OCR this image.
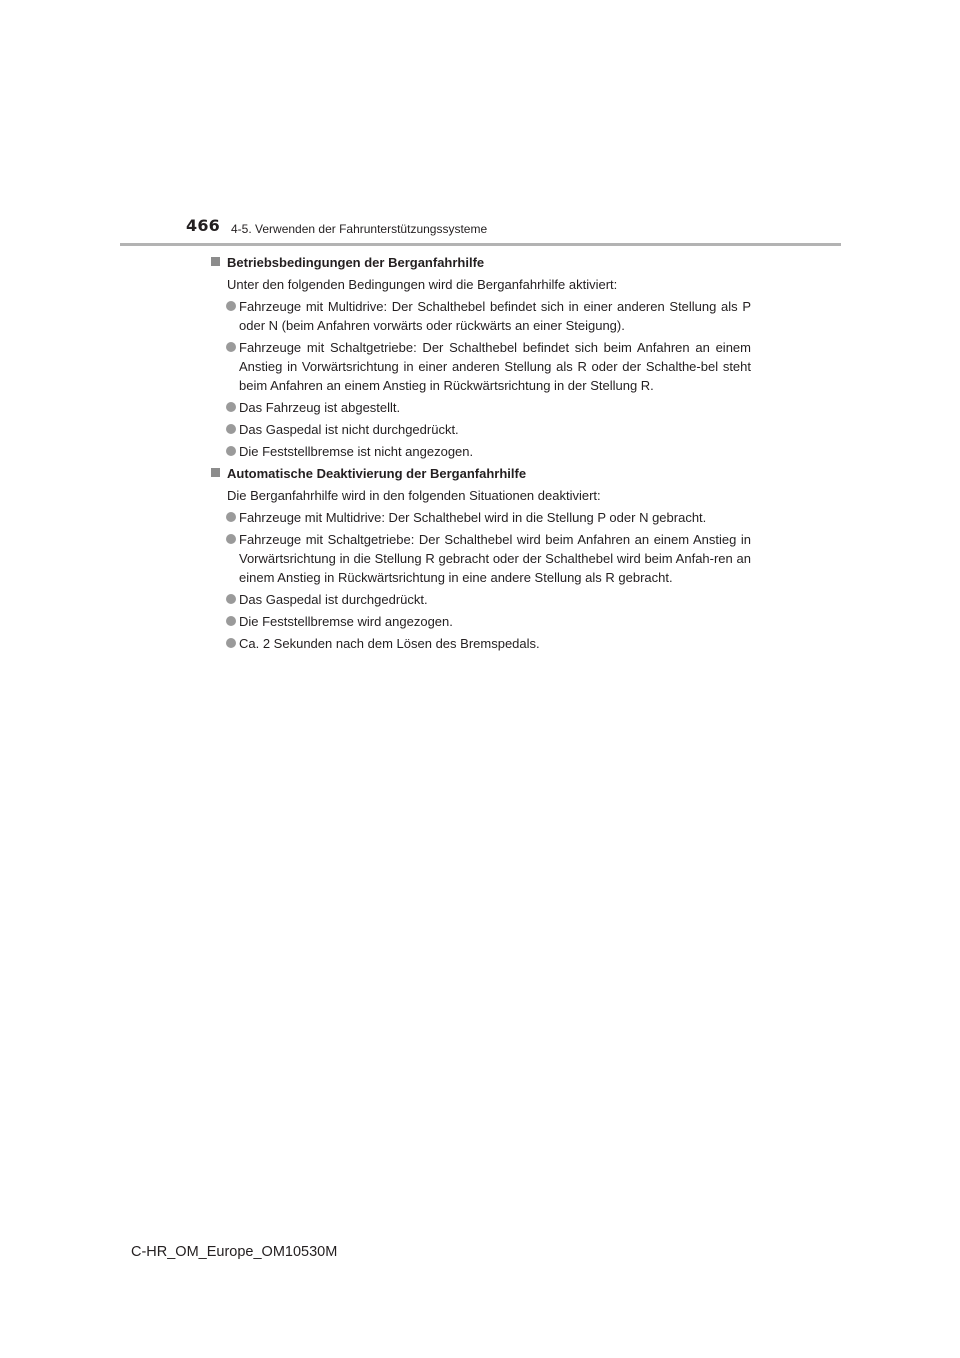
466 4-5. Verwenden der Fahrunterstützungssysteme
Betriebsbedingungen der Berganfahrhilfe
Unter den folgenden Bedingungen wird die Berganfahrhilfe aktiviert:
Fahrzeuge mit Multidrive: Der Schalthebel befindet sich in einer anderen Stellung als P oder N (beim Anfahren vorwärts oder rückwärts an einer Steigung).
Fahrzeuge mit Schaltgetriebe: Der Schalthebel befindet sich beim Anfahren an einem Anstieg in Vorwärtsrichtung in einer anderen Stellung als R oder der Schalthe-bel steht beim Anfahren an einem Anstieg in Rückwärtsrichtung in der Stellung R.
Das Fahrzeug ist abgestellt.
Das Gaspedal ist nicht durchgedrückt.
Die Feststellbremse ist nicht angezogen.
Automatische Deaktivierung der Berganfahrhilfe
Die Berganfahrhilfe wird in den folgenden Situationen deaktiviert:
Fahrzeuge mit Multidrive: Der Schalthebel wird in die Stellung P oder N gebracht.
Fahrzeuge mit Schaltgetriebe: Der Schalthebel wird beim Anfahren an einem Anstieg in Vorwärtsrichtung in die Stellung R gebracht oder der Schalthebel wird beim Anfah-ren an einem Anstieg in Rückwärtsrichtung in eine andere Stellung als R gebracht.
Das Gaspedal ist durchgedrückt.
Die Feststellbremse wird angezogen.
Ca. 2 Sekunden nach dem Lösen des Bremspedals.
C-HR_OM_Europe_OM10530M
